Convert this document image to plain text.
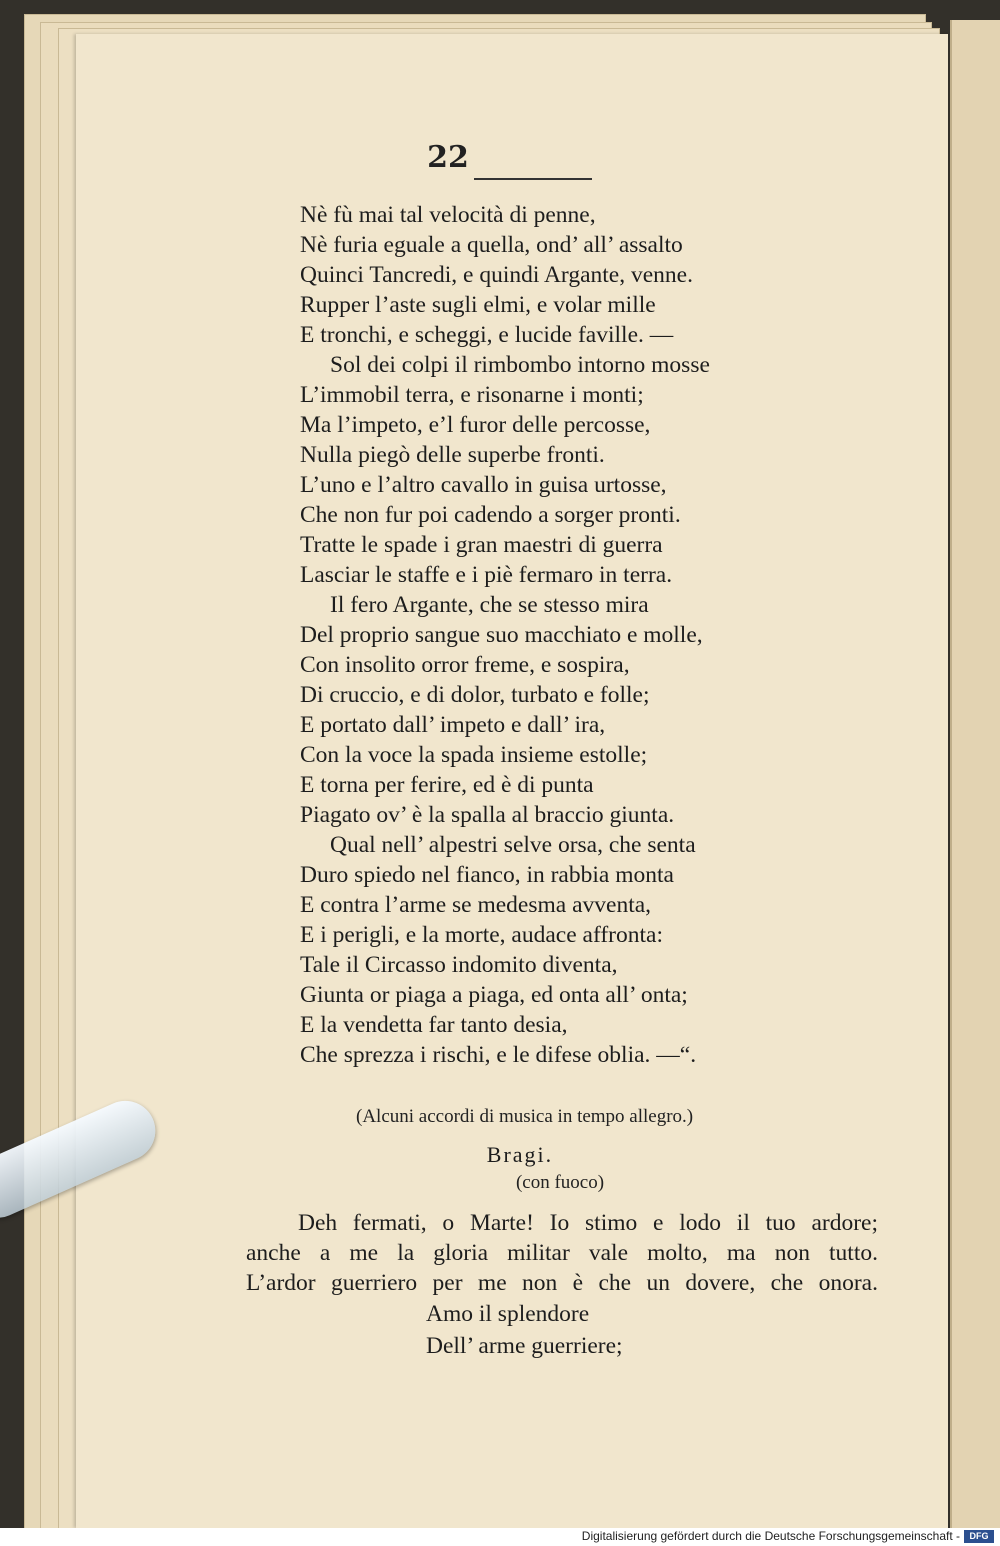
22
Nè fù mai tal velocità di penne,
Nè furia eguale a quella, ond’ all’ assalto
Quinci Tancredi, e quindi Argante, venne.
Rupper l’aste sugli elmi, e volar mille
E tronchi, e scheggi, e lucide faville. —
Sol dei colpi il rimbombo intorno mosse
L’immobil terra, e risonarne i monti;
Ma l’impeto, e’l furor delle percosse,
Nulla piegò delle superbe fronti.
L’uno e l’altro cavallo in guisa urtosse,
Che non fur poi cadendo a sorger pronti.
Tratte le spade i gran maestri di guerra
Lasciar le staffe e i piè fermaro in terra.
Il fero Argante, che se stesso mira
Del proprio sangue suo macchiato e molle,
Con insolito orror freme, e sospira,
Di cruccio, e di dolor, turbato e folle;
E portato dall’ impeto e dall’ ira,
Con la voce la spada insieme estolle;
E torna per ferire, ed è di punta
Piagato ov’ è la spalla al braccio giunta.
Qual nell’ alpestri selve orsa, che senta
Duro spiedo nel fianco, in rabbia monta
E contra l’arme se medesma avventa,
E i perigli, e la morte, audace affronta:
Tale il Circasso indomito diventa,
Giunta or piaga a piaga, ed onta all’ onta;
E la vendetta far tanto desia,
Che sprezza i rischi, e le difese oblia. —“.
(Alcuni accordi di musica in tempo allegro.)
Bragi.
(con fuoco)
Deh fermati, o Marte! Io stimo e lodo il tuo ardore;
anche a me la gloria militar vale molto, ma non tutto.
L’ardor guerriero per me non è che un dovere, che onora.
Amo il splendore
Dell’ arme guerriere;
Digitalisierung gefördert durch die Deutsche Forschungsgemeinschaft -	DFG
